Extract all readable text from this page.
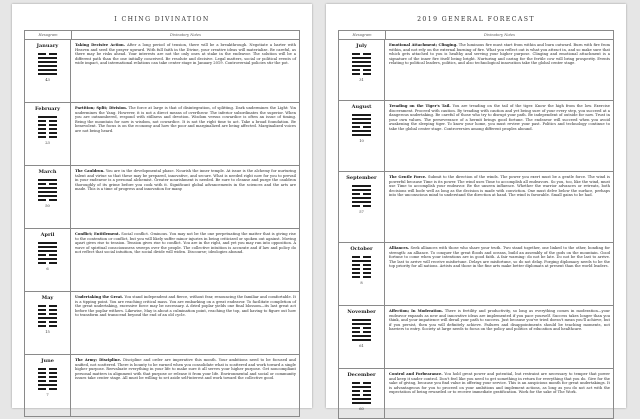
I CHING DIVINATION
Hexagram	Divinatory Notes
January
43
Taking Decisive Action. After a long period of tension, there will be a breakthrough. Negotiate a barter with Heaven and seed the prayer upward. With full faith in the Divine, your creative ideas will materialize. Be careful, as there may be risks ahead. Your interests are not the only ones at stake in the endeavor. The solution will be a different path than the one initially conceived. Be resolute and decisive. Legal matters, social or political events of wide impact, and international relations can take center stage in January 2019. Controversial policies stir the pot.
February
23
Partition; Split; Division. The force at large is that of disintegration, of splitting. Dark undermines the Light: Yin undermines the Yang. However, it is not a direct means of overthrow. The inferior subordinates the superior. When you are outnumbered, respond with stillness and devotion. Wisdom versus cowardice is often an issue of timing. Being the mountain for now is wisdom, not cowardice. It is not the right time to act. Take a broad foundation. Be benevolent. The focus is on the economy and how the poor and marginalized are being affected. Marginalized voices are not being heard.
March
50
The Cauldron. You are in the developmental phase. Nourish the inner temple. At issue is the alchemy for nurturing talent and virtue so that these may be prepared, innovative, and secure. What is needed right now for you to prevail in your endeavor is a personal alchemist. Greater nourishment is needed. Be sure to cleanse and purge the cauldron thoroughly of its grime before you cook with it. Significant global advancements in the sciences and the arts are made. This is a time of progress and innovation for many.
April
6
Conflict; Entitlement. Social conflict. Ominous. You may not be the one perpetuating the matter that is giving rise to the contention or conflict, but you will likely suffer minor injuries in being criticized or spoken out against. Moving apart gives rise to tension. Tension gives rise to conflict. You are in the right, and yet you may run into opposition. A wave of spiritual consciousness sweeps over the people. The collective intuition is accurate and if law and policy do not reflect that social intuition, the social divide will widen. Discourse; ideologies abound.
May
15
Undertaking the Great. You stand independent and fierce, without fear, renouncing the familiar and comfortable. It is a tipping point. You are reaching critical mass. You are embarking on a great endeavor. To facilitate completion of the great undertaking, excessive force may be necessary. A dried poplar yields one final blossom—its last great act before the poplar withers. Likewise, May is about a culmination point, reaching the top, and having to figure out how to transform and transcend beyond the end of an old cycle.
June
7
The Army; Discipline. Discipline and order are imperative this month. Your ambitions need to be focused and unified, not scattered. There is bounty to be earned when you consolidate what is scattered and work toward a single higher purpose. Reevaluate everything in your life to make sure it all serves your higher purpose. Get noncompliant personal matters in alignment with that purpose or release it from your life. Environmental and social or community issues take center stage. All must be willing to set aside self-interest and work toward the collective good.
2019 GENERAL FORECAST
Hexagram	Divinatory Notes
July
31
Emotional Attachment; Clinging. The luminous fire must start from within and burn outward. Burn with fire from within, and not rely on the external burning of fire. What you reflect out is what you attract in, and so make sure that which gets attached to you is healthy and serving your higher purpose. Clinging and emotional attachment is a signature of the inner fire itself being bright. Nurturing and caring for the fertile cow will bring prosperity. Events relating to political leaders, politics, and also technological innovation take the global center stage.
August
10
Treading on the Tiger's Tail. You are treading on the tail of the tiger. Know the high from the low. Exercise discernment. Proceed with caution. By treading with caution and yet being sure of your every step, you succeed at a dangerous undertaking. Be careful of those who try to disrupt your path. Be independent of outside for now. Trust in your own values. The perseverance of a hermit brings good fortune. The endeavor will succeed when you avoid awakening the sleeping tiger. To know your home, you must review your past. Politics and technology continue to take the global center stage. Controversies among different peoples abound.
September
57
The Gentle Force. Submit to the direction of the winds. The power you exert must be a gentle force. The wind is powerful because Time is its power. The wind uses Time to accomplish all endeavors. So you, too, like the wind, must use Time to accomplish your endeavor. Be the unseen influence. Whether the warrior advances or retreats, both decisions will bode well as long as the decision is made with conviction. One must delve below the surface, perhaps into the unconscious mind to understand the direction at hand. The wind is favorable. Small gains to be had.
October
8
Alliances. Seek alliances with those who share your truth. Two stand together, one linked to the other, bonding for strength: an alliance. To conquer the great floods and oceans, build an assembly of the gods on the mountain. Good fortune to come when your intentions are in good faith. A fair warning: do not be late. Do not be the last to arrive. The last to arrive will receive misfortune. Delays are misfortune, so do not delay. Forging diplomacy needs to be the top priority for all nations. Artists and those in the fine arts make better diplomats at present than the world leaders.
November
61
Affection; In Moderation. There is fertility and productivity, so long as everything comes in moderation—your endeavor expands as new and innovative ideas are implemented if you pace yourself. Success takes longer than you think, and your impatience will derail your path to success. Just because you've tried doesn't mean you'll achieve, but if you persist, then you will definitely achieve. Failures and disappointments should be teaching moments, not barriers to entry. Society at large needs to focus on the policy and politics of education and healthcare.
December
60
Control and Forbearance. You hold great power and potential, but restraint are necessary to temper that power and keep it under control. Don't feel like you need to get something in return for everything that you do. Give for the sake of giving, because you find value in offering your service. This is an auspicious month for great undertakings. It is advantageous for you to proceed on your ambitions and implement actions, as long as you do not act with the expectation of being rewarded or to receive immediate gratification. Work for the sake of The Work.
